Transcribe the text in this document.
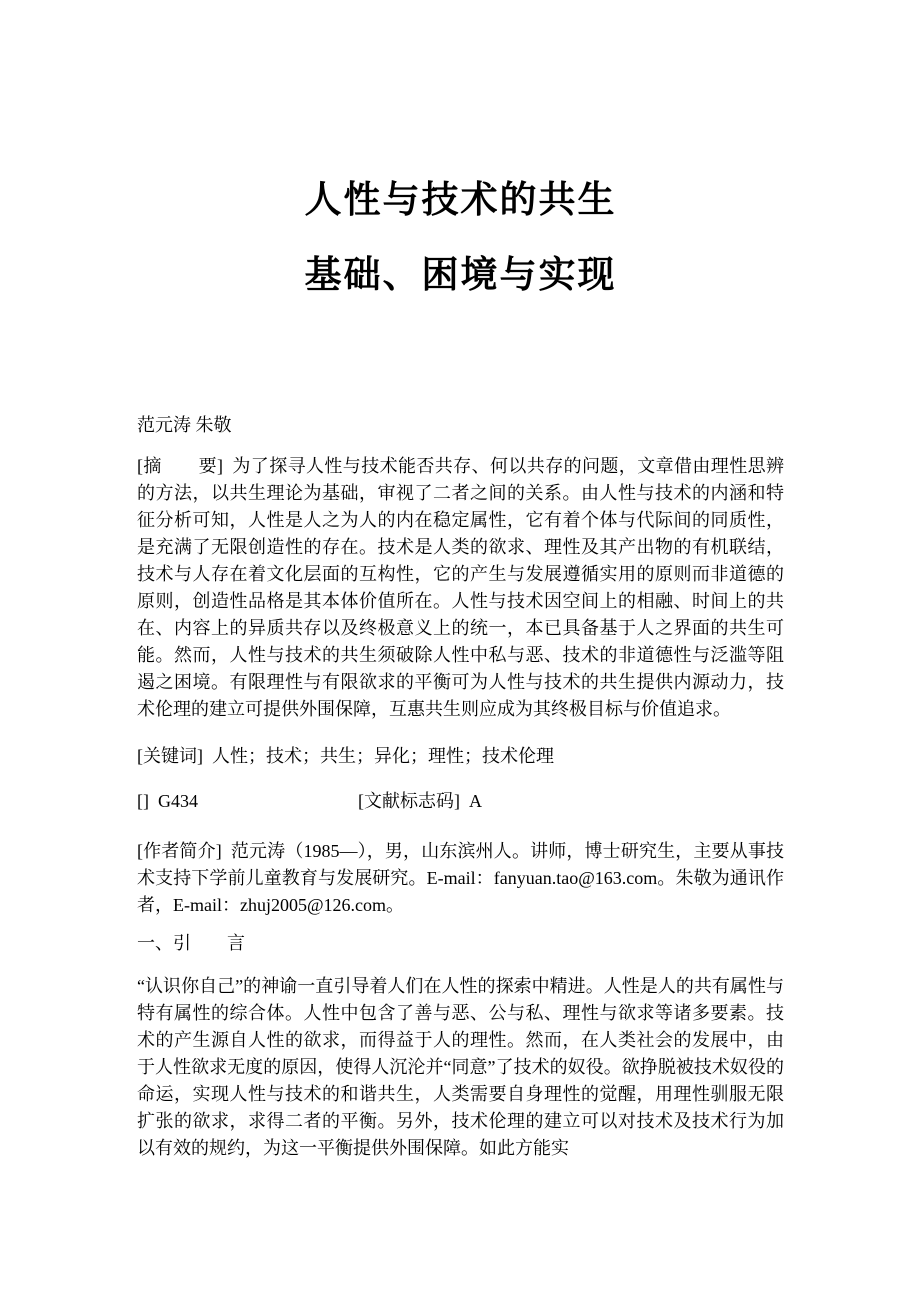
人性与技术的共生
基础、困境与实现

范元涛 朱敬

[摘　　要] 为了探寻人性与技术能否共存、何以共存的问题，文章借由理性思辨的方法，以共生理论为基础，审视了二者之间的关系。由人性与技术的内涵和特征分析可知，人性是人之为人的内在稳定属性，它有着个体与代际间的同质性，是充满了无限创造性的存在。技术是人类的欲求、理性及其产出物的有机联结，技术与人存在着文化层面的互构性，它的产生与发展遵循实用的原则而非道德的原则，创造性品格是其本体价值所在。人性与技术因空间上的相融、时间上的共在、内容上的异质共存以及终极意义上的统一，本已具备基于人之界面的共生可能。然而，人性与技术的共生须破除人性中私与恶、技术的非道德性与泛滥等阻遏之困境。有限理性与有限欲求的平衡可为人性与技术的共生提供内源动力，技术伦理的建立可提供外围保障，互惠共生则应成为其终极目标与价值追求。

[关键词] 人性；技术；共生；异化；理性；技术伦理

[] G434	[文献标志码] A

[作者简介] 范元涛（1985—），男，山东滨州人。讲师，博士研究生，主要从事技术支持下学前儿童教育与发展研究。E-mail：fanyuan.tao@163.com。朱敬为通讯作者，E-mail：zhuj2005@126.com。

一、引　　言

“认识你自己”的神谕一直引导着人们在人性的探索中精进。人性是人的共有属性与特有属性的综合体。人性中包含了善与恶、公与私、理性与欲求等诸多要素。技术的产生源自人性的欲求，而得益于人的理性。然而，在人类社会的发展中，由于人性欲求无度的原因，使得人沉沦并“同意”了技术的奴役。欲挣脱被技术奴役的命运，实现人性与技术的和谐共生，人类需要自身理性的觉醒，用理性驯服无限扩张的欲求，求得二者的平衡。另外，技术伦理的建立可以对技术及技术行为加以有效的规约，为这一平衡提供外围保障。如此方能实
